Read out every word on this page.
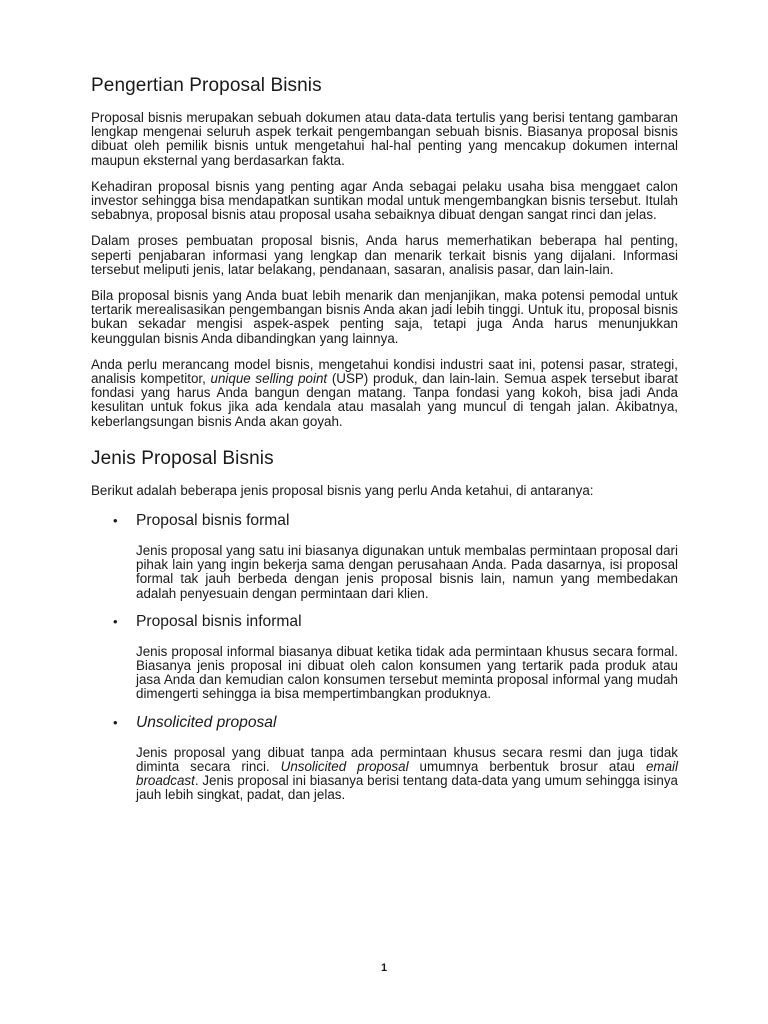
Pengertian Proposal Bisnis

Proposal bisnis merupakan sebuah dokumen atau data-data tertulis yang berisi tentang gambaran lengkap mengenai seluruh aspek terkait pengembangan sebuah bisnis. Biasanya proposal bisnis dibuat oleh pemilik bisnis untuk mengetahui hal-hal penting yang mencakup dokumen internal maupun eksternal yang berdasarkan fakta.

Kehadiran proposal bisnis yang penting agar Anda sebagai pelaku usaha bisa menggaet calon investor sehingga bisa mendapatkan suntikan modal untuk mengembangkan bisnis tersebut. Itulah sebabnya, proposal bisnis atau proposal usaha sebaiknya dibuat dengan sangat rinci dan jelas.

Dalam proses pembuatan proposal bisnis, Anda harus memerhatikan beberapa hal penting, seperti penjabaran informasi yang lengkap dan menarik terkait bisnis yang dijalani. Informasi tersebut meliputi jenis, latar belakang, pendanaan, sasaran, analisis pasar, dan lain-lain.

Bila proposal bisnis yang Anda buat lebih menarik dan menjanjikan, maka potensi pemodal untuk tertarik merealisasikan pengembangan bisnis Anda akan jadi lebih tinggi. Untuk itu, proposal bisnis bukan sekadar mengisi aspek-aspek penting saja, tetapi juga Anda harus menunjukkan keunggulan bisnis Anda dibandingkan yang lainnya.

Anda perlu merancang model bisnis, mengetahui kondisi industri saat ini, potensi pasar, strategi, analisis kompetitor, unique selling point (USP) produk, dan lain-lain. Semua aspek tersebut ibarat fondasi yang harus Anda bangun dengan matang. Tanpa fondasi yang kokoh, bisa jadi Anda kesulitan untuk fokus jika ada kendala atau masalah yang muncul di tengah jalan. Akibatnya, keberlangsungan bisnis Anda akan goyah.

Jenis Proposal Bisnis

Berikut adalah beberapa jenis proposal bisnis yang perlu Anda ketahui, di antaranya:

• Proposal bisnis formal

Jenis proposal yang satu ini biasanya digunakan untuk membalas permintaan proposal dari pihak lain yang ingin bekerja sama dengan perusahaan Anda. Pada dasarnya, isi proposal formal tak jauh berbeda dengan jenis proposal bisnis lain, namun yang membedakan adalah penyesuain dengan permintaan dari klien.

• Proposal bisnis informal

Jenis proposal informal biasanya dibuat ketika tidak ada permintaan khusus secara formal. Biasanya jenis proposal ini dibuat oleh calon konsumen yang tertarik pada produk atau jasa Anda dan kemudian calon konsumen tersebut meminta proposal informal yang mudah dimengerti sehingga ia bisa mempertimbangkan produknya.

• Unsolicited proposal

Jenis proposal yang dibuat tanpa ada permintaan khusus secara resmi dan juga tidak diminta secara rinci. Unsolicited proposal umumnya berbentuk brosur atau email broadcast. Jenis proposal ini biasanya berisi tentang data-data yang umum sehingga isinya jauh lebih singkat, padat, dan jelas.

1
